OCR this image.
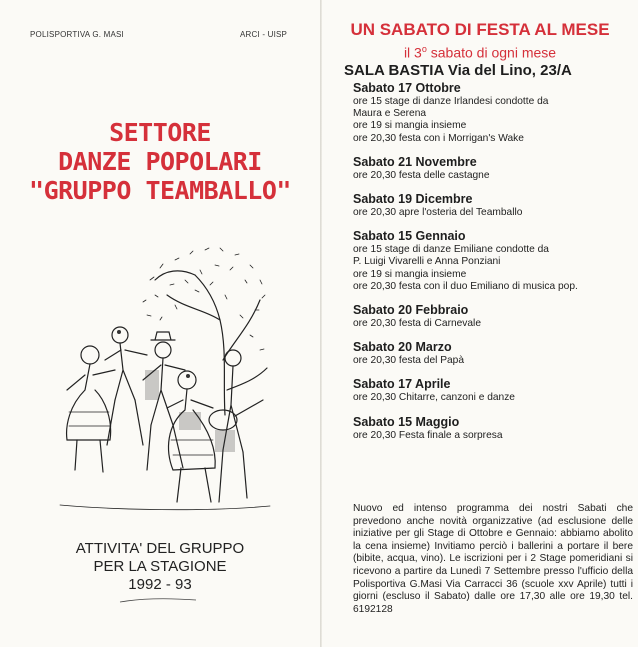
POLISPORTIVA G. MASI	ARCI - UISP
SETTORE
DANZE POPOLARI
"GRUPPO TEAMBALLO"
ATTIVITA' DEL GRUPPO
PER LA STAGIONE
1992 - 93
UN SABATO DI FESTA AL MESE
il 3$^o$ sabato di ogni mese
SALA BASTIA Via del Lino, 23/A
Sabato 17 Ottobre
ore 15 stage di danze Irlandesi condotte da
Maura e Serena
ore 19 si mangia insieme
ore 20,30 festa con i Morrigan's Wake
Sabato 21 Novembre
ore 20,30 festa delle castagne
Sabato 19 Dicembre
ore 20,30 apre l'osteria del Teamballo
Sabato 15 Gennaio
ore 15 stage di danze Emiliane condotte da
P. Luigi Vivarelli e Anna Ponziani
ore 19 si mangia insieme
ore 20,30 festa con il duo Emiliano di musica pop.
Sabato 20 Febbraio
ore 20,30 festa di Carnevale
Sabato 20 Marzo
ore 20,30 festa del Papà
Sabato 17 Aprile
ore 20,30 Chitarre, canzoni e danze
Sabato 15 Maggio
ore 20,30 Festa finale a sorpresa
Nuovo ed intenso programma dei nostri Sabati che prevedono anche novità organizzative (ad esclusione delle iniziative per gli Stage di Ottobre e Gennaio: abbiamo abolito la cena insieme) Invitiamo perciò i ballerini a portare il bere (bibite, acqua, vino). Le iscrizioni per i 2 Stage pomeridiani si ricevono a partire da Lunedì 7 Settembre presso l'ufficio della Polisportiva G.Masi Via Carracci 36 (scuole xxv Aprile) tutti i giorni (escluso il Sabato) dalle ore 17,30 alle ore 19,30 tel. 6192128
